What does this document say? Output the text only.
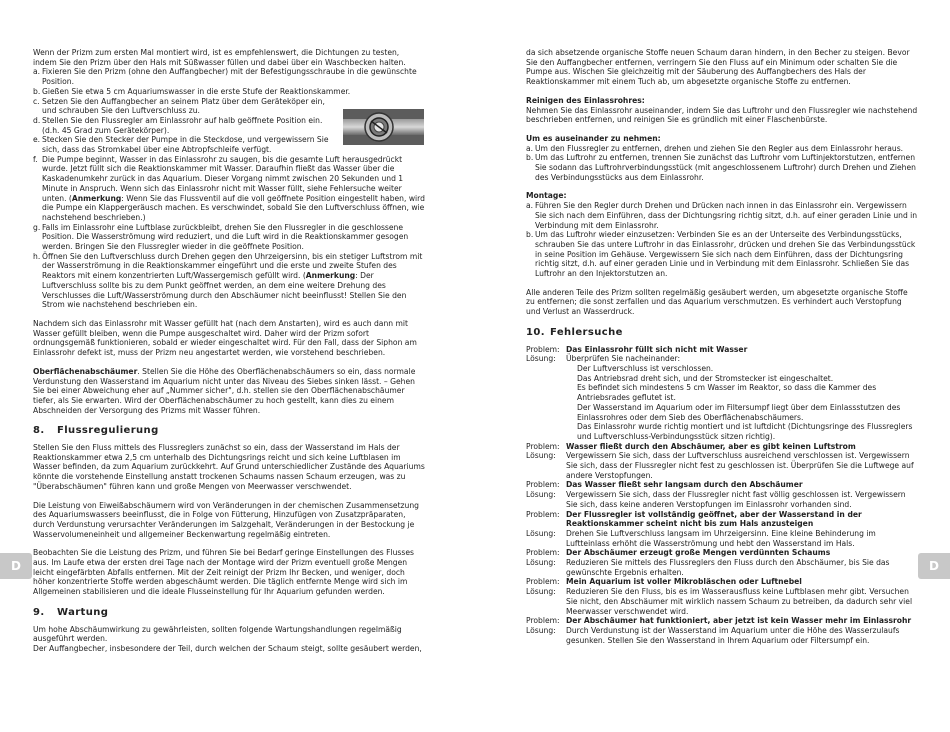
Wenn der Prizm zum ersten Mal montiert wird, ist es empfehlenswert, die Dichtungen zu testen, indem Sie den Prizm über den Hals mit Süßwasser füllen und dabei über ein Waschbecken halten.

a. Fixieren Sie den Prizm (ohne den Auffangbecher) mit der Befestigungsschraube in die gewünschte Position.
b. Gießen Sie etwa 5 cm Aquariumswasser in die erste Stufe der Reaktionskammer.
c. Setzen Sie den Auffangbecher an seinem Platz über dem Geräteköper ein, und schrauben Sie den Luftverschluss zu.
d. Stellen Sie den Flussregler am Einlassrohr auf halb geöffnete Position ein. (d.h. 45 Grad zum Gerätekörper).
e. Stecken Sie den Stecker der Pumpe in die Steckdose, und vergewissern Sie sich, dass das Stromkabel über eine Abtropfschleife verfügt.
f. Die Pumpe beginnt, Wasser in das Einlassrohr zu saugen, bis die gesamte Luft herausgedrückt wurde. Jetzt füllt sich die Reaktionskammer mit Wasser. Daraufhin fließt das Wasser über die Kaskadenumkehr zurück in das Aquarium. Dieser Vorgang nimmt zwischen 20 Sekunden und 1 Minute in Anspruch. Wenn sich das Einlassrohr nicht mit Wasser füllt, siehe Fehlersuche weiter unten. (Anmerkung: Wenn Sie das Flussventil auf die voll geöffnete Position eingestellt haben, wird die Pumpe ein Klappergeräusch machen. Es verschwindet, sobald Sie den Luftverschluss öffnen, wie nachstehend beschrieben.)
g. Falls im Einlassrohr eine Luftblase zurückbleibt, drehen Sie den Flussregler in die geschlossene Position. Die Wasserströmung wird reduziert, und die Luft wird in die Reaktionskammer gesogen werden. Bringen Sie den Flussregler wieder in die geöffnete Position.
h. Öffnen Sie den Luftverschluss durch Drehen gegen den Uhrzeigersinn, bis ein stetiger Luftstrom mit der Wasserströmung in die Reaktionskammer eingeführt und die erste und zweite Stufen des Reaktors mit einem konzentrierten Luft/Wassergemisch gefüllt wird. (Anmerkung: Der Luftverschluss sollte bis zu dem Punkt geöffnet werden, an dem eine weitere Drehung des Verschlusses die Luft/Wasserströmung durch den Abschäumer nicht beeinflusst! Stellen Sie den Strom wie nachstehend beschrieben ein.

Nachdem sich das Einlassrohr mit Wasser gefüllt hat (nach dem Anstarten), wird es auch dann mit Wasser gefüllt bleiben, wenn die Pumpe ausgeschaltet wird. Daher wird der Prizm sofort ordnungsgemäß funktionieren, sobald er wieder eingeschaltet wird. Für den Fall, dass der Siphon am Einlassrohr defekt ist, muss der Prizm neu angestartet werden, wie vorstehend beschrieben.

Oberflächenabschäumer. Stellen Sie die Höhe des Oberflächenabschäumers so ein, dass normale Verdunstung den Wasserstand im Aquarium nicht unter das Niveau des Siebes sinken lässt. – Gehen Sie bei einer Abweichung eher auf „Nummer sicher", d.h. stellen sie den Oberflächenabschäumer tiefer, als Sie erwarten. Wird der Oberflächenabschäumer zu hoch gestellt, kann dies zu einem Abschneiden der Versorgung des Prizms mit Wasser führen.

8. Flussregulierung

Stellen Sie den Fluss mittels des Flussreglers zunächst so ein, dass der Wasserstand im Hals der Reaktionskammer etwa 2,5 cm unterhalb des Dichtungsrings reicht und sich keine Luftblasen im Wasser befinden, da zum Aquarium zurückkehrt. Auf Grund unterschiedlicher Zustände des Aquariums könnte die vorstehende Einstellung anstatt trockenen Schaums nassen Schaum erzeugen, was zu "Überabschäumen" führen kann und große Mengen von Meerwasser verschwendet.

Die Leistung von Eiweißabschäumern wird von Veränderungen in der chemischen Zusammensetzung des Aquariumswassers beeinflusst, die in Folge von Fütterung, Hinzufügen von Zusatzpräparaten, durch Verdunstung verursachter Veränderungen im Salzgehalt, Veränderungen in der Bestockung je Wasservolumeneinheit und allgemeiner Beckenwartung regelmäßig eintreten.

Beobachten Sie die Leistung des Prizm, und führen Sie bei Bedarf geringe Einstellungen des Flusses aus. Im Laufe etwa der ersten drei Tage nach der Montage wird der Prizm eventuell große Mengen leicht eingefärbten Abfalls entfernen. Mit der Zeit reinigt der Prizm Ihr Becken, und weniger, doch höher konzentrierte Stoffe werden abgeschäumt werden. Die täglich entfernte Menge wird sich im Allgemeinen stabilisieren und die ideale Flusseinstellung für Ihr Aquarium gefunden werden.

9. Wartung

Um hohe Abschäumwirkung zu gewährleisten, sollten folgende Wartungshandlungen regelmäßig ausgeführt werden.

Der Auffangbecher, insbesondere der Teil, durch welchen der Schaum steigt, sollte gesäubert werden,

da sich absetzende organische Stoffe neuen Schaum daran hindern, in den Becher zu steigen. Bevor Sie den Auffangbecher entfernen, verringern Sie den Fluss auf ein Minimum oder schalten Sie die Pumpe aus. Wischen Sie gleichzeitig mit der Säuberung des Auffangbechers des Hals der Reaktionskammer mit einem Tuch ab, um abgesetzte organische Stoffe zu entfernen.

Reinigen des Einlassrohres:

Nehmen Sie das Einlassrohr auseinander, indem Sie das Luftrohr und den Flussregler wie nachstehend beschrieben entfernen, und reinigen Sie es gründlich mit einer Flaschenbürste.

Um es auseinander zu nehmen:

a. Um den Flussregler zu entfernen, drehen und ziehen Sie den Regler aus dem Einlassrohr heraus.
b. Um das Luftrohr zu entfernen, trennen Sie zunächst das Luftrohr vom Luftinjektorstutzen, entfernen Sie sodann das Luftrohrverbindungsstück (mit angeschlossenem Luftrohr) durch Drehen und Ziehen des Verbindungsstücks aus dem Einlassrohr.

Montage:

a. Führen Sie den Regler durch Drehen und Drücken nach innen in das Einlassrohr ein. Vergewissern Sie sich nach dem Einführen, dass der Dichtungsring richtig sitzt, d.h. auf einer geraden Linie und in Verbindung mit dem Einlassrohr.
b. Um das Luftrohr wieder einzusetzen: Verbinden Sie es an der Unterseite des Verbindungsstücks, schrauben Sie das untere Luftrohr in das Einlassrohr, drücken und drehen Sie das Verbindungsstück in seine Position im Gehäuse. Vergewissern Sie sich nach dem Einführen, dass der Dichtungsring richtig sitzt, d.h. auf einer geraden Linie und in Verbindung mit dem Einlassrohr. Schließen Sie das Luftrohr an den Injektorstutzen an.

Alle anderen Teile des Prizm sollten regelmäßig gesäubert werden, um abgesetzte organische Stoffe zu entfernen; die sonst zerfallen und das Aquarium verschmutzen. Es verhindert auch Verstopfung und Verlust an Wasserdruck.

10. Fehlersuche
Problem: Das Einlassrohr füllt sich nicht mit Wasser
Lösung:	Überprüfen Sie nacheinander:

Der Luftverschluss ist verschlossen.

Das Antriebsrad dreht sich, und der Stromstecker ist eingeschaltet.

Es befindet sich mindestens 5 cm Wasser im Reaktor, so dass die Kammer des Antriebsrades geflutet ist.

Der Wasserstand im Aquarium oder im Filtersumpf liegt über dem Einlassstutzen des Einlassrohres oder dem Sieb des Oberflächenabschäumers.

Das Einlassrohr wurde richtig montiert und ist luftdicht (Dichtungsringe des Flussreglers und Luftverschluss-Verbindungsstück sitzen richtig).

Problem: Wasser fließt durch den Abschäumer, aber es gibt keinen Luftstrom
Lösung:	Vergewissern Sie sich, dass der Luftverschluss ausreichend verschlossen ist. Vergewissern Sie sich, dass der Flussregler nicht fest zu geschlossen ist. Überprüfen Sie die Luftwege auf andere Verstopfungen.
Problem: Das Wasser fließt sehr langsam durch den Abschäumer
Lösung:	Vergewissern Sie sich, dass der Flussregler nicht fast völlig geschlossen ist. Vergewissern Sie sich, dass keine anderen Verstopfungen im Einlassrohr vorhanden sind.
Problem: Der Flussregler ist vollständig geöffnet, aber der Wasserstand in der Reaktionskammer scheint nicht bis zum Hals anzusteigen
Lösung:	Drehen Sie Luftverschluss langsam im Uhrzeigersinn. Eine kleine Behinderung im Luftteinlass erhöht die Wasserströmung und hebt den Wasserstand im Hals.
Problem: Der Abschäumer erzeugt große Mengen verdünnten Schaums
Lösung:	Reduzieren Sie mittels des Flussreglers den Fluss durch den Abschäumer, bis Sie das gewünschte Ergebnis erhalten.
Problem: Mein Aquarium ist voller Mikrobläschen oder Luftnebel
Lösung:	Reduzieren Sie den Fluss, bis es im Wasserausfluss keine Luftblasen mehr gibt. Versuchen Sie nicht, den Abschäumer mit wirklich nassem Schaum zu betreiben, da dadurch sehr viel Meerwasser verschwendet wird.
Problem: Der Abschäumer hat funktioniert, aber jetzt ist kein Wasser mehr im Einlassrohr
Lösung:	Durch Verdunstung ist der Wasserstand im Aquarium unter die Höhe des Wasserzulaufs gesunken. Stellen Sie den Wasserstand in Ihrem Aquarium oder Filtersumpf ein.
D	D
